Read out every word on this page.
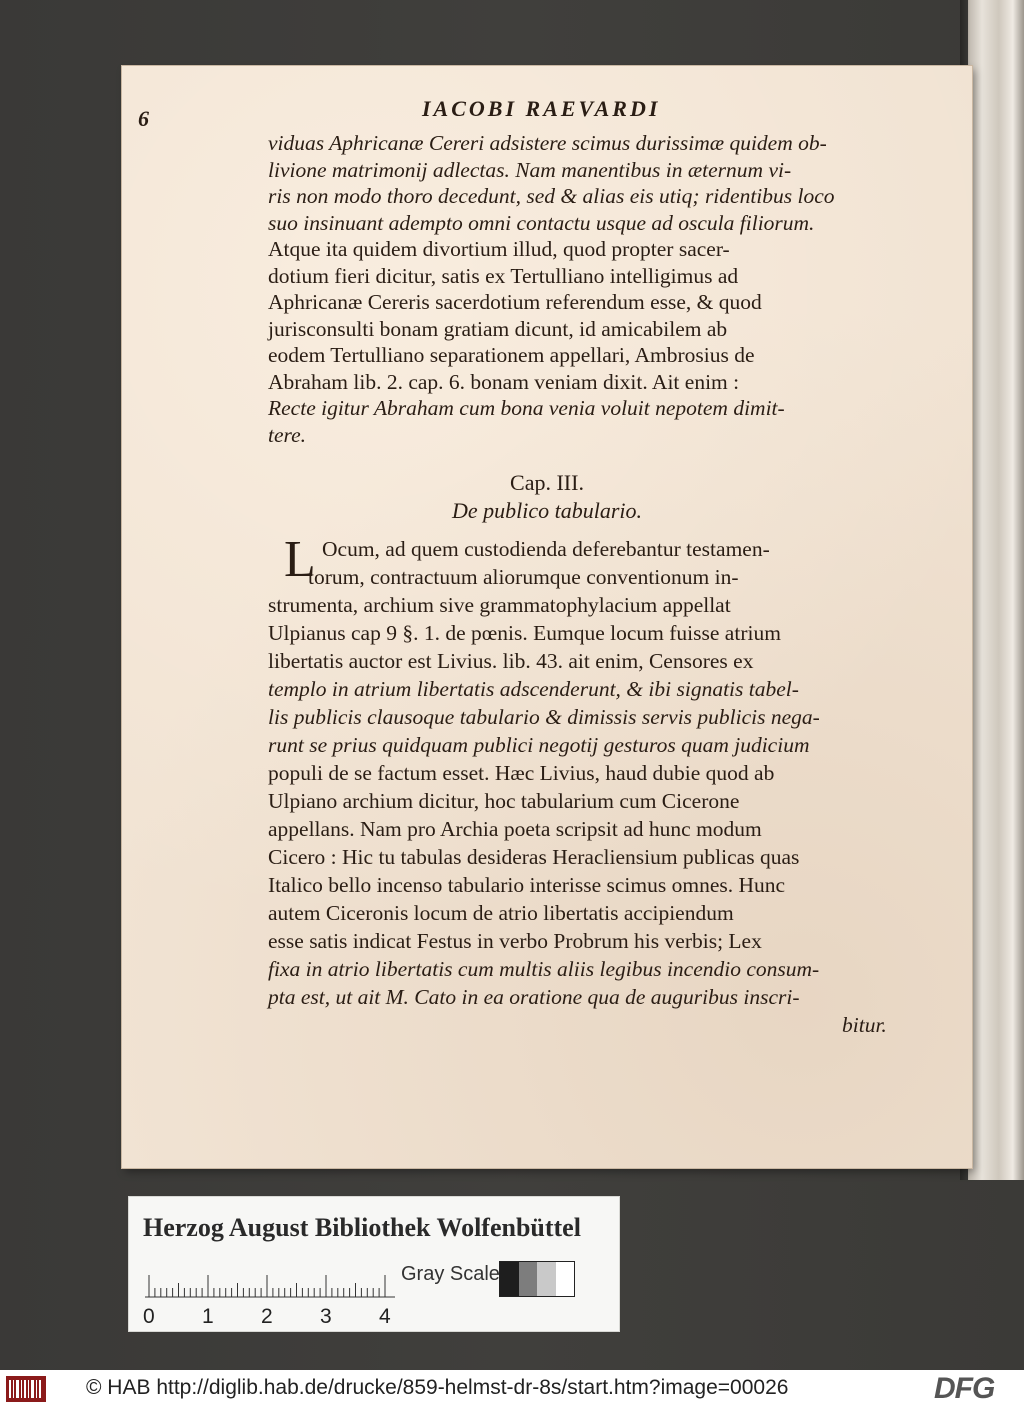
IACOBI RAEVARDI
viduas Aphricanæ Cereri adsistere scimus durissimæ quidem ob-
livione matrimonij adlectas. Nam manentibus in æternum vi-
ris non modo thoro decedunt, sed & alias eis utiq; ridentibus loco
suo insinuant adempto omni contactu usque ad oscula filiorum.
Atque ita quidem divortium illud, quod propter sacer-
dotium fieri dicitur, satis ex Tertulliano intelligimus ad
Aphricanæ Cereris sacerdotium referendum esse, & quod
jurisconsulti bonam gratiam dicunt, id amicabilem ab
eodem Tertulliano separationem appellari, Ambrosius de
Abraham lib. 2. cap. 6. bonam veniam dixit. Ait enim :
Recte igitur Abraham cum bona venia voluit nepotem dimit-
tere.
Cap. III.
De publico tabulario.
L Ocum, ad quem custodienda deferebantur testamen-
torum, contractuum aliorumque conventionum in-
strumenta, archium sive grammatophylacium appellat
Ulpianus cap 9 §. 1. de pœnis. Eumque locum fuisse atrium
libertatis auctor est Livius. lib. 43. ait enim, Censores ex
templo in atrium libertatis adscenderunt, & ibi signatis tabel-
lis publicis clausoque tabulario & dimissis servis publicis nega-
runt se prius quidquam publici negotij gesturos quam judicium
populi de se factum esset. Hæc Livius, haud dubie quod ab
Ulpiano archium dicitur, hoc tabularium cum Cicerone
appellans. Nam pro Archia poeta scripsit ad hunc modum
Cicero : Hic tu tabulas desideras Heracliensium publicas quas
Italico bello incenso tabulario interisse scimus omnes. Hunc
autem Ciceronis locum de atrio libertatis accipiendum
esse satis indicat Festus in verbo Probrum his verbis; Lex
fixa in atrio libertatis cum multis aliis legibus incendio consum-
pta est, ut ait M. Cato in ea oratione qua de auguribus inscri-
bitur.
6
Herzog August Bibliothek Wolfenbüttel
Gray Scale
0 1 2 3 4
© HAB http://diglib.hab.de/drucke/859-helmst-dr-8s/start.htm?image=00026	DFG
